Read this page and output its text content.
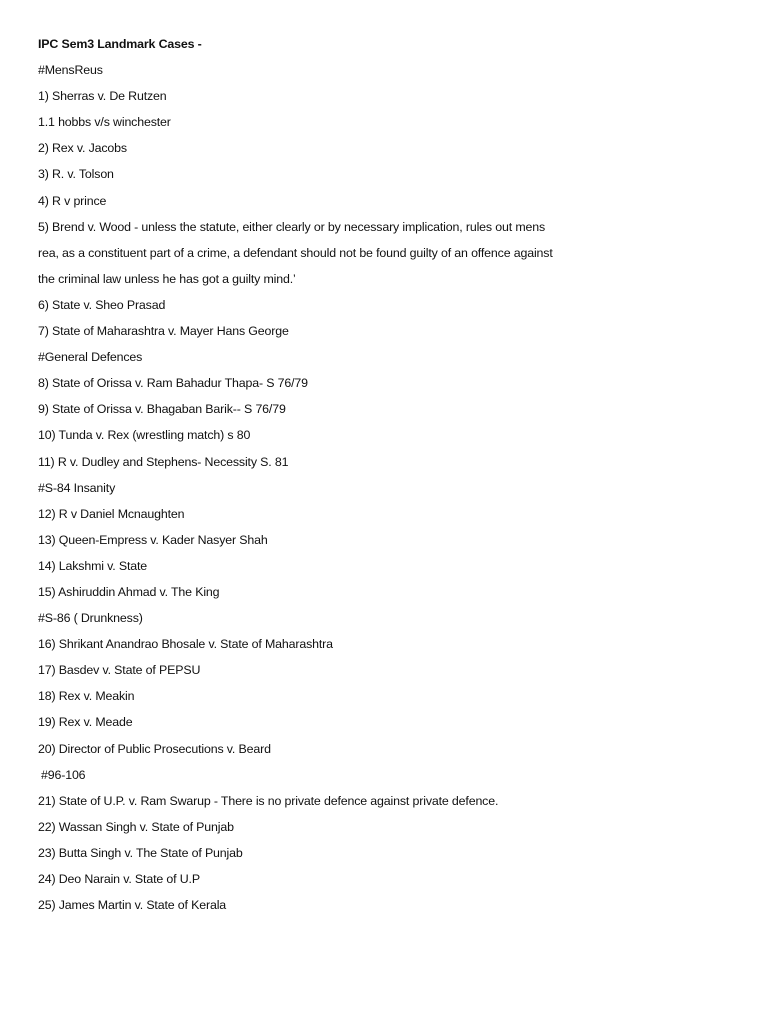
IPC Sem3 Landmark Cases -
#MensReus
1) Sherras v. De Rutzen
1.1 hobbs v/s winchester
2) Rex v. Jacobs
3) R. v. Tolson
4) R v prince
5) Brend v. Wood - unless the statute, either clearly or by necessary implication, rules out mens
rea, as a constituent part of a crime, a defendant should not be found guilty of an offence against
the criminal law unless he has got a guilty mind.’
6) State v. Sheo Prasad
7) State of Maharashtra v. Mayer Hans George
#General Defences
8) State of Orissa v. Ram Bahadur Thapa- S 76/79
9) State of Orissa v. Bhagaban Barik-- S 76/79
10) Tunda v. Rex (wrestling match) s 80
11) R v. Dudley and Stephens- Necessity S. 81
#S-84 Insanity
12) R v Daniel Mcnaughten
13) Queen-Empress v. Kader Nasyer Shah
14) Lakshmi v. State
15) Ashiruddin Ahmad v. The King
#S-86 ( Drunkness)
16) Shrikant Anandrao Bhosale v. State of Maharashtra
17) Basdev v. State of PEPSU
18) Rex v. Meakin
19) Rex v. Meade
20) Director of Public Prosecutions v. Beard
#96-106
21) State of U.P. v. Ram Swarup - There is no private defence against private defence.
22) Wassan Singh v. State of Punjab
23) Butta Singh v. The State of Punjab
24) Deo Narain v. State of U.P
25) James Martin v. State of Kerala
